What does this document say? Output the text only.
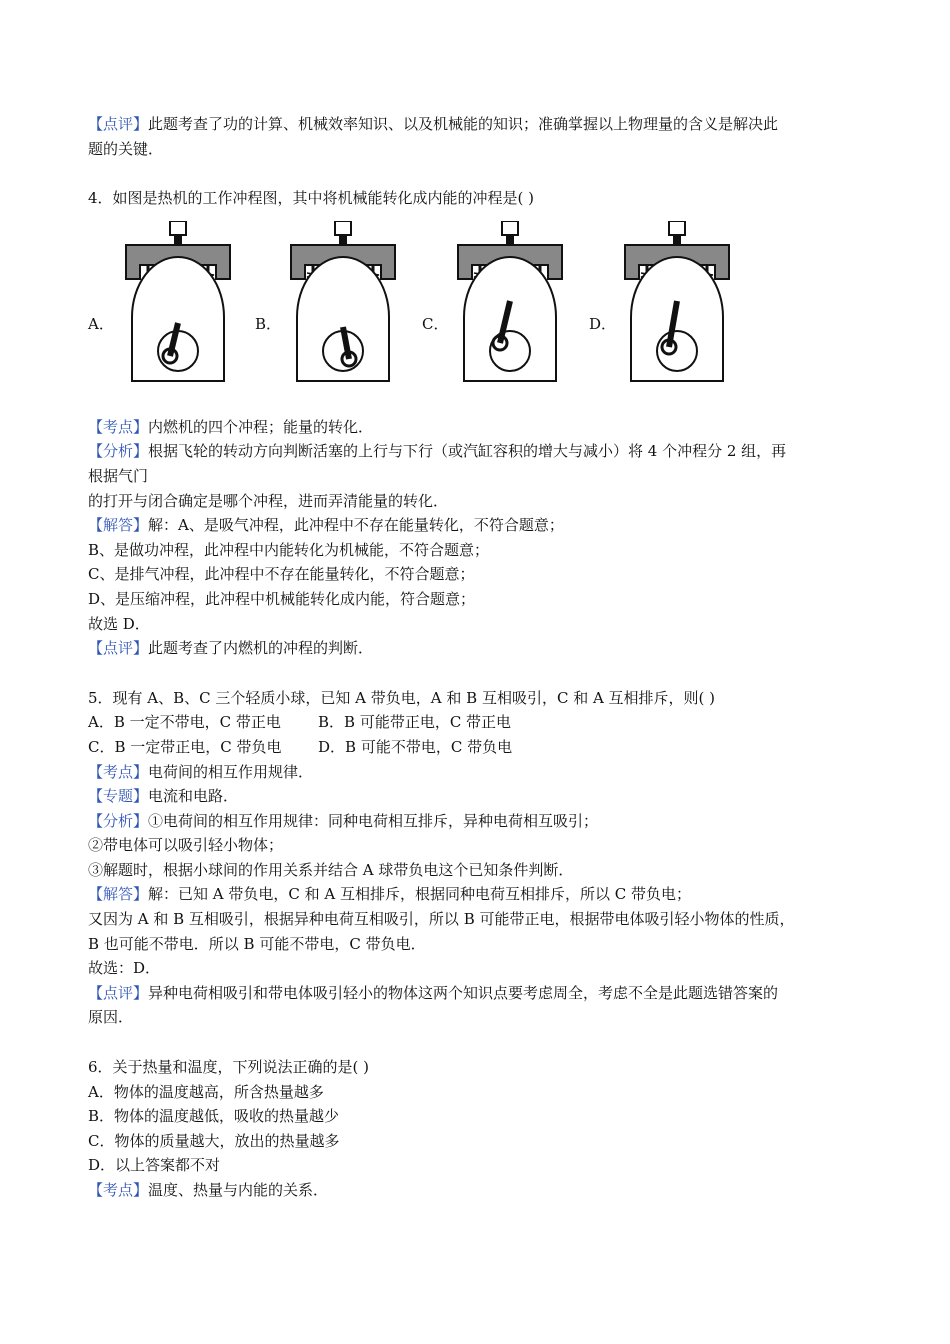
【点评】此题考查了功的计算、机械效率知识、以及机械能的知识；准确掌握以上物理量的含义是解决此
题的关键．
4．如图是热机的工作冲程图，其中将机械能转化成内能的冲程是( )
A．	B．	C．	D．
【考点】内燃机的四个冲程；能量的转化．
【分析】根据飞轮的转动方向判断活塞的上行与下行（或汽缸容积的增大与减小）将 4 个冲程分 2 组，再
根据气门
的打开与闭合确定是哪个冲程，进而弄清能量的转化．
【解答】解：A、是吸气冲程，此冲程中不存在能量转化，不符合题意；
B、是做功冲程，此冲程中内能转化为机械能，不符合题意；
C、是排气冲程，此冲程中不存在能量转化，不符合题意；
D、是压缩冲程，此冲程中机械能转化成内能，符合题意；
故选 D．
【点评】此题考查了内燃机的冲程的判断．
5．现有 A、B、C 三个轻质小球，已知 A 带负电，A 和 B 互相吸引，C 和 A 互相排斥，则( )
A．B 一定不带电，C 带正电	B．B 可能带正电，C 带正电
C．B 一定带正电，C 带负电	D．B 可能不带电，C 带负电
【考点】电荷间的相互作用规律．
【专题】电流和电路．
【分析】①电荷间的相互作用规律：同种电荷相互排斥，异种电荷相互吸引；
②带电体可以吸引轻小物体；
③解题时，根据小球间的作用关系并结合 A 球带负电这个已知条件判断．
【解答】解：已知 A 带负电，C 和 A 互相排斥，根据同种电荷互相排斥，所以 C 带负电；
又因为 A 和 B 互相吸引，根据异种电荷互相吸引，所以 B 可能带正电，根据带电体吸引轻小物体的性质，
B 也可能不带电．所以 B 可能不带电，C 带负电．
故选：D．
【点评】异种电荷相吸引和带电体吸引轻小的物体这两个知识点要考虑周全，考虑不全是此题选错答案的
原因．
6．关于热量和温度，下列说法正确的是( )
A．物体的温度越高，所含热量越多
B．物体的温度越低，吸收的热量越少
C．物体的质量越大，放出的热量越多
D．以上答案都不对
【考点】温度、热量与内能的关系．
